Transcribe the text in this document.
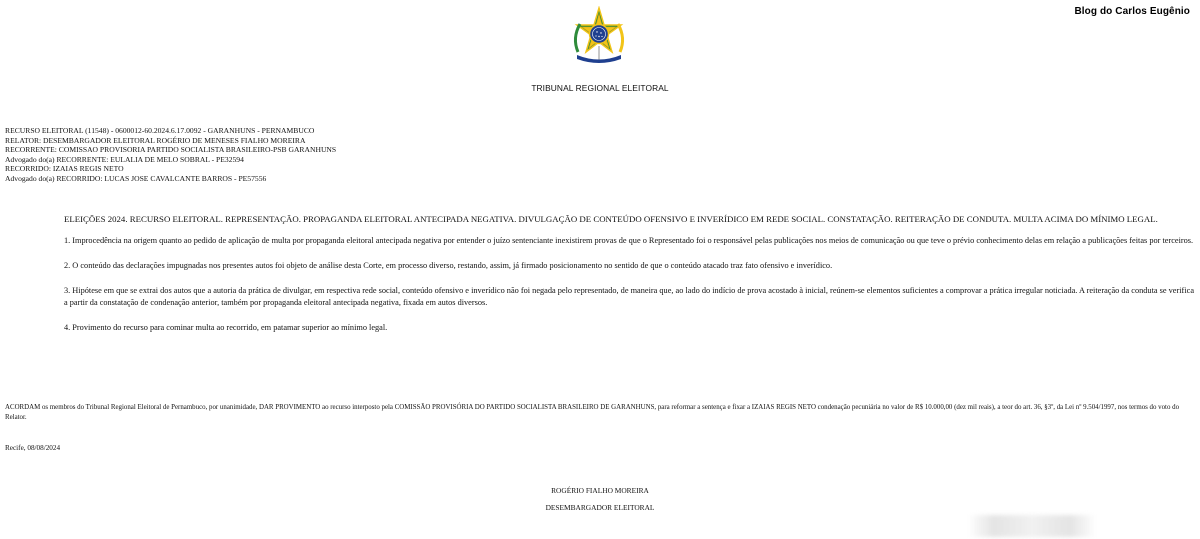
Blog do Carlos Eugênio
TRIBUNAL REGIONAL ELEITORAL
RECURSO ELEITORAL (11548) - 0600012-60.2024.6.17.0092 - GARANHUNS - PERNAMBUCO
RELATOR: DESEMBARGADOR ELEITORAL ROGÉRIO DE MENESES FIALHO MOREIRA
RECORRENTE: COMISSAO PROVISORIA PARTIDO SOCIALISTA BRASILEIRO-PSB GARANHUNS
Advogado do(a) RECORRENTE: EULALIA DE MELO SOBRAL - PE32594
RECORRIDO: IZAIAS REGIS NETO
Advogado do(a) RECORRIDO: LUCAS JOSE CAVALCANTE BARROS - PE57556

ELEIÇÕES 2024. RECURSO ELEITORAL. REPRESENTAÇÃO. PROPAGANDA ELEITORAL ANTECIPADA NEGATIVA. DIVULGAÇÃO DE CONTEÚDO OFENSIVO E INVERÍDICO EM REDE SOCIAL. CONSTATAÇÃO. REITERAÇÃO DE CONDUTA. MULTA ACIMA DO MÍNIMO LEGAL.

1. Improcedência na origem quanto ao pedido de aplicação de multa por propaganda eleitoral antecipada negativa por entender o juízo sentenciante inexistirem provas de que o Representado foi o responsável pelas publicações nos meios de comunicação ou que teve o prévio conhecimento delas em relação a publicações feitas por terceiros.

2. O conteúdo das declarações impugnadas nos presentes autos foi objeto de análise desta Corte, em processo diverso, restando, assim, já firmado posicionamento no sentido de que o conteúdo atacado traz fato ofensivo e inverídico.

3. Hipótese em que se extrai dos autos que a autoria da prática de divulgar, em respectiva rede social, conteúdo ofensivo e inverídico não foi negada pelo representado, de maneira que, ao lado do indício de prova acostado à inicial, reúnem-se elementos suficientes a comprovar a prática irregular noticiada. A reiteração da conduta se verifica a partir da constatação de condenação anterior, também por propaganda eleitoral antecipada negativa, fixada em autos diversos.

4. Provimento do recurso para cominar multa ao recorrido, em patamar superior ao mínimo legal.

ACORDAM os membros do Tribunal Regional Eleitoral de Pernambuco, por unanimidade, DAR PROVIMENTO ao recurso interposto pela COMISSÃO PROVISÓRIA DO PARTIDO SOCIALISTA BRASILEIRO DE GARANHUNS, para reformar a sentença e fixar a IZAIAS REGIS NETO condenação pecuniária no valor de R$ 10.000,00 (dez mil reais), a teor do art. 36, §3º, da Lei nº 9.504/1997, nos termos do voto do Relator.
Recife, 08/08/2024
ROGÉRIO FIALHO MOREIRA
DESEMBARGADOR ELEITORAL
